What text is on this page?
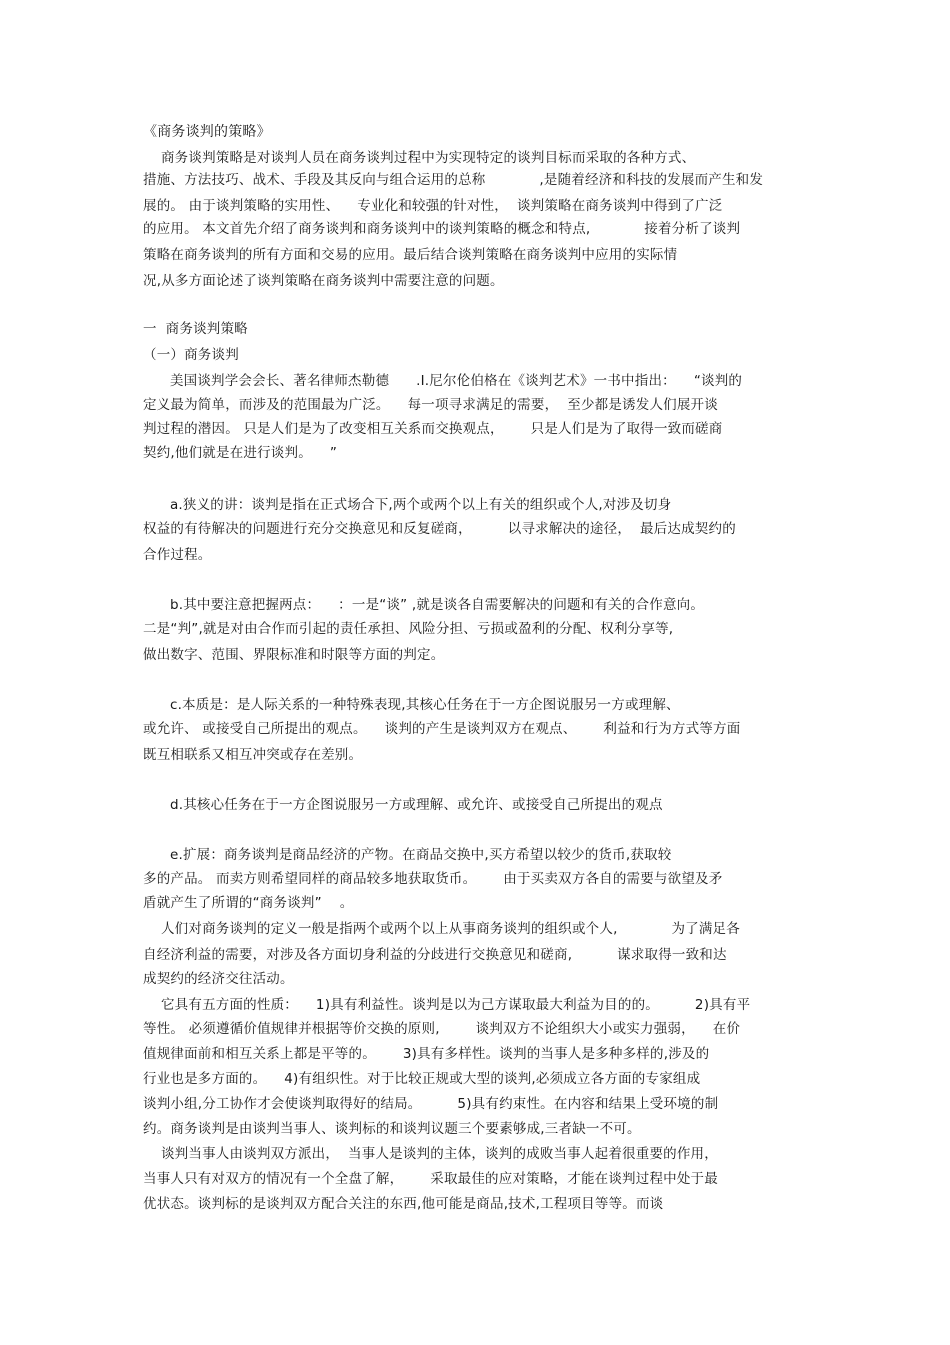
《商务谈判的策略》
商务谈判策略是对谈判人员在商务谈判过程中为实现特定的谈判目标而采取的各种方式、
措施、方法技巧、战术、手段及其反向与组合运用的总称            ,是随着经济和科技的发展而产生和发
展的。 由于谈判策略的实用性、    专业化和较强的针对性，  谈判策略在商务谈判中得到了广泛
的应用。 本文首先介绍了商务谈判和商务谈判中的谈判策略的概念和特点,            接着分析了谈判
策略在商务谈判的所有方面和交易的应用。最后结合谈判策略在商务谈判中应用的实际情
况,从多方面论述了谈判策略在商务谈判中需要注意的问题。
一  商务谈判策略
（一）商务谈判
美国谈判学会会长、著名律师杰勒德      .I.尼尔伦伯格在《谈判艺术》一书中指出：    “谈判的
定义最为简单，而涉及的范围最为广泛。    每一项寻求满足的需要，  至少都是诱发人们展开谈
判过程的潜因。 只是人们是为了改变相互关系而交换观点，      只是人们是为了取得一致而磋商
契约,他们就是在进行谈判。    ”
a.狭义的讲：谈判是指在正式场合下,两个或两个以上有关的组织或个人,对涉及切身
权益的有待解决的问题进行充分交换意见和反复磋商，        以寻求解决的途径，  最后达成契约的
合作过程。
b.其中要注意把握两点：    ：一是“谈” ,就是谈各自需要解决的问题和有关的合作意向。
二是“判”,就是对由合作而引起的责任承担、风险分担、亏损或盈利的分配、权利分享等,
做出数字、范围、界限标准和时限等方面的判定。
c.本质是：是人际关系的一种特殊表现,其核心任务在于一方企图说服另一方或理解、
或允许、 或接受自己所提出的观点。    谈判的产生是谈判双方在观点、      利益和行为方式等方面
既互相联系又相互冲突或存在差别。
d.其核心任务在于一方企图说服另一方或理解、或允许、或接受自己所提出的观点
e.扩展：商务谈判是商品经济的产物。在商品交换中,买方希望以较少的货币,获取较
多的产品。 而卖方则希望同样的商品较多地获取货币。      由于买卖双方各自的需要与欲望及矛
盾就产生了所谓的“商务谈判”    。
人们对商务谈判的定义一般是指两个或两个以上从事商务谈判的组织或个人,            为了满足各
自经济利益的需要，对涉及各方面切身利益的分歧进行交换意见和磋商,          谋求取得一致和达
成契约的经济交往活动。
它具有五方面的性质：    1)具有利益性。谈判是以为己方谋取最大利益为目的的。        2)具有平
等性。 必须遵循价值规律并根据等价交换的原则,        谈判双方不论组织大小或实力强弱，    在价
值规律面前和相互关系上都是平等的。      3)具有多样性。谈判的当事人是多种多样的,涉及的
行业也是多方面的。    4)有组织性。对于比较正规或大型的谈判,必须成立各方面的专家组成
谈判小组,分工协作才会使谈判取得好的结局。        5)具有约束性。在内容和结果上受环境的制
约。商务谈判是由谈判当事人、谈判标的和谈判议题三个要素够成,三者缺一不可。
谈判当事人由谈判双方派出，  当事人是谈判的主体，谈判的成败当事人起着很重要的作用，
当事人只有对双方的情况有一个全盘了解，      采取最佳的应对策略，才能在谈判过程中处于最
优状态。谈判标的是谈判双方配合关注的东西,他可能是商品,技术,工程项目等等。而谈
